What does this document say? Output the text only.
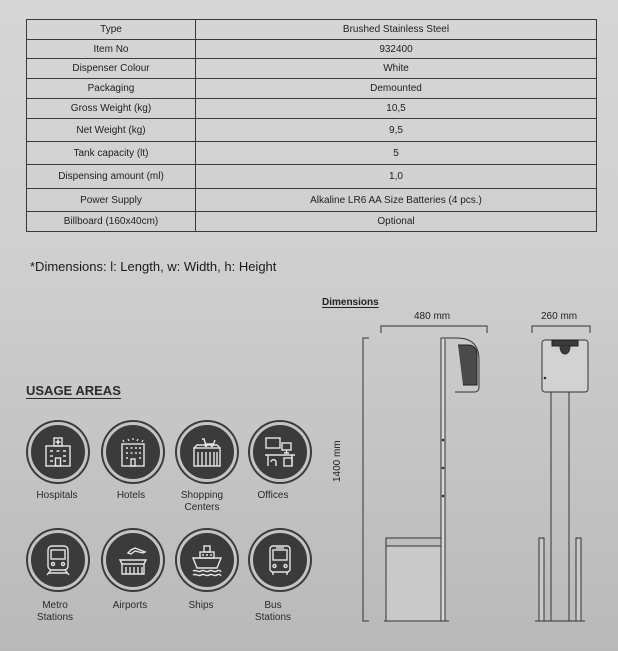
Type	Brushed Stainless Steel
Item No	932400
Dispenser Colour	White
Packaging	Demounted
Gross Weight (kg)	10,5
Net Weight (kg)	9,5
Tank capacity (lt)	5
Dispensing amount (ml)	1,0
Power Supply	Alkaline LR6 AA Size Batteries (4 pcs.)
Billboard (160x40cm)	Optional
*Dimensions: l: Length, w: Width, h: Height
USAGE AREAS
Hospitals	Hotels	Shopping
Centers
Offices
Metro
Stations
Airports	Ships	Bus
Stations
Dimensions
480 mm	260 mm
1400 mm
